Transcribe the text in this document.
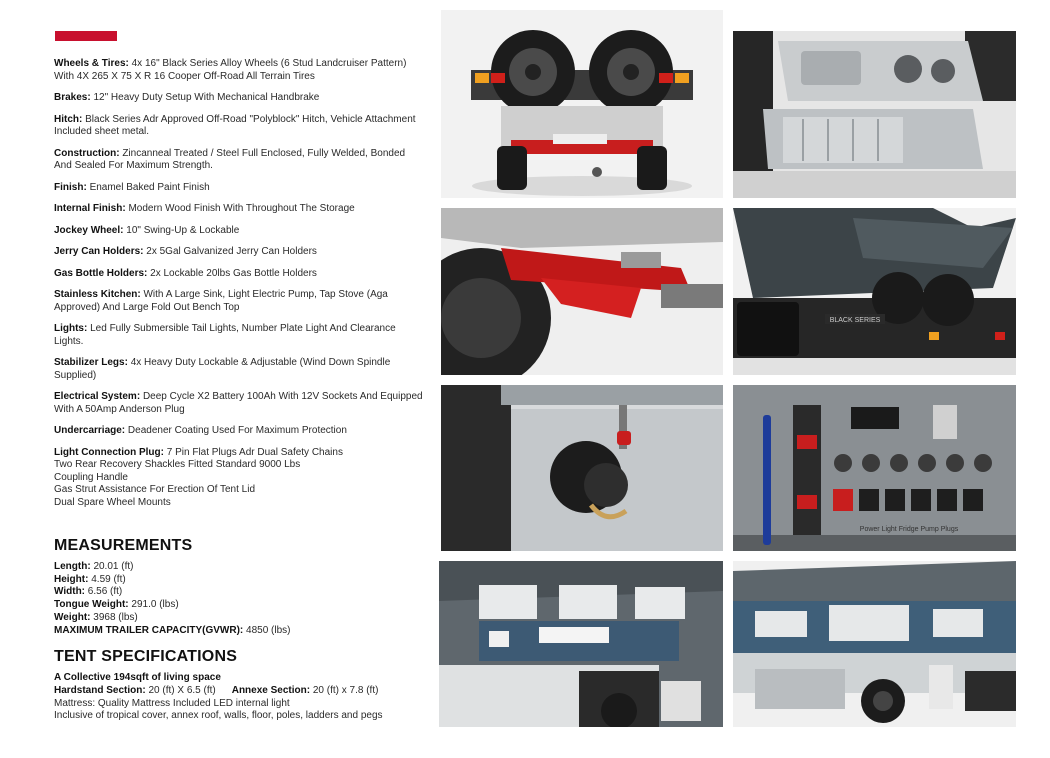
Wheels & Tires: 4x 16" Black Series Alloy Wheels (6 Stud Landcruiser Pattern) With 4X 265 X 75 X R 16 Cooper Off-Road All Terrain Tires
Brakes: 12" Heavy Duty Setup With Mechanical Handbrake
Hitch: Black Series Adr Approved Off-Road "Polyblock" Hitch, Vehicle Attachment Included sheet metal.
Construction: Zincanneal Treated / Steel Full Enclosed, Fully Welded, Bonded And Sealed For Maximum Strength.
Finish: Enamel Baked Paint Finish
Internal Finish: Modern Wood Finish With Throughout The Storage
Jockey Wheel: 10" Swing-Up & Lockable
Jerry Can Holders: 2x 5Gal Galvanized Jerry Can Holders
Gas Bottle Holders: 2x Lockable 20lbs Gas Bottle Holders
Stainless Kitchen: With A Large Sink, Light Electric Pump, Tap Stove (Aga Approved) And Large Fold Out Bench Top
Lights: Led Fully Submersible Tail Lights, Number Plate Light And Clearance Lights.
Stabilizer Legs: 4x Heavy Duty Lockable & Adjustable (Wind Down Spindle Supplied)
Electrical System: Deep Cycle X2 Battery 100Ah With 12V Sockets And Equipped With A 50Amp Anderson Plug
Undercarriage: Deadener Coating Used For Maximum Protection
Light Connection Plug: 7 Pin Flat Plugs Adr Dual Safety Chains
Two Rear Recovery Shackles Fitted Standard 9000 Lbs
Coupling Handle
Gas Strut Assistance For Erection Of Tent Lid
Dual Spare Wheel Mounts
MEASUREMENTS
Length: 20.01 (ft)
Height: 4.59 (ft)
Width: 6.56 (ft)
Tongue Weight: 291.0 (lbs)
Weight: 3968 (lbs)
MAXIMUM TRAILER CAPACITY(GVWR): 4850 (lbs)
TENT SPECIFICATIONS
A Collective 194sqft of living space
Hardstand Section: 20 (ft) X 6.5 (ft) Annexe Section: 20 (ft) x 7.8 (ft)
Mattress: Quality Mattress Included LED internal light
Inclusive of tropical cover, annex roof, walls, floor, poles, ladders and pegs
BLACK SERIES
Power Light Fridge Pump Plugs
